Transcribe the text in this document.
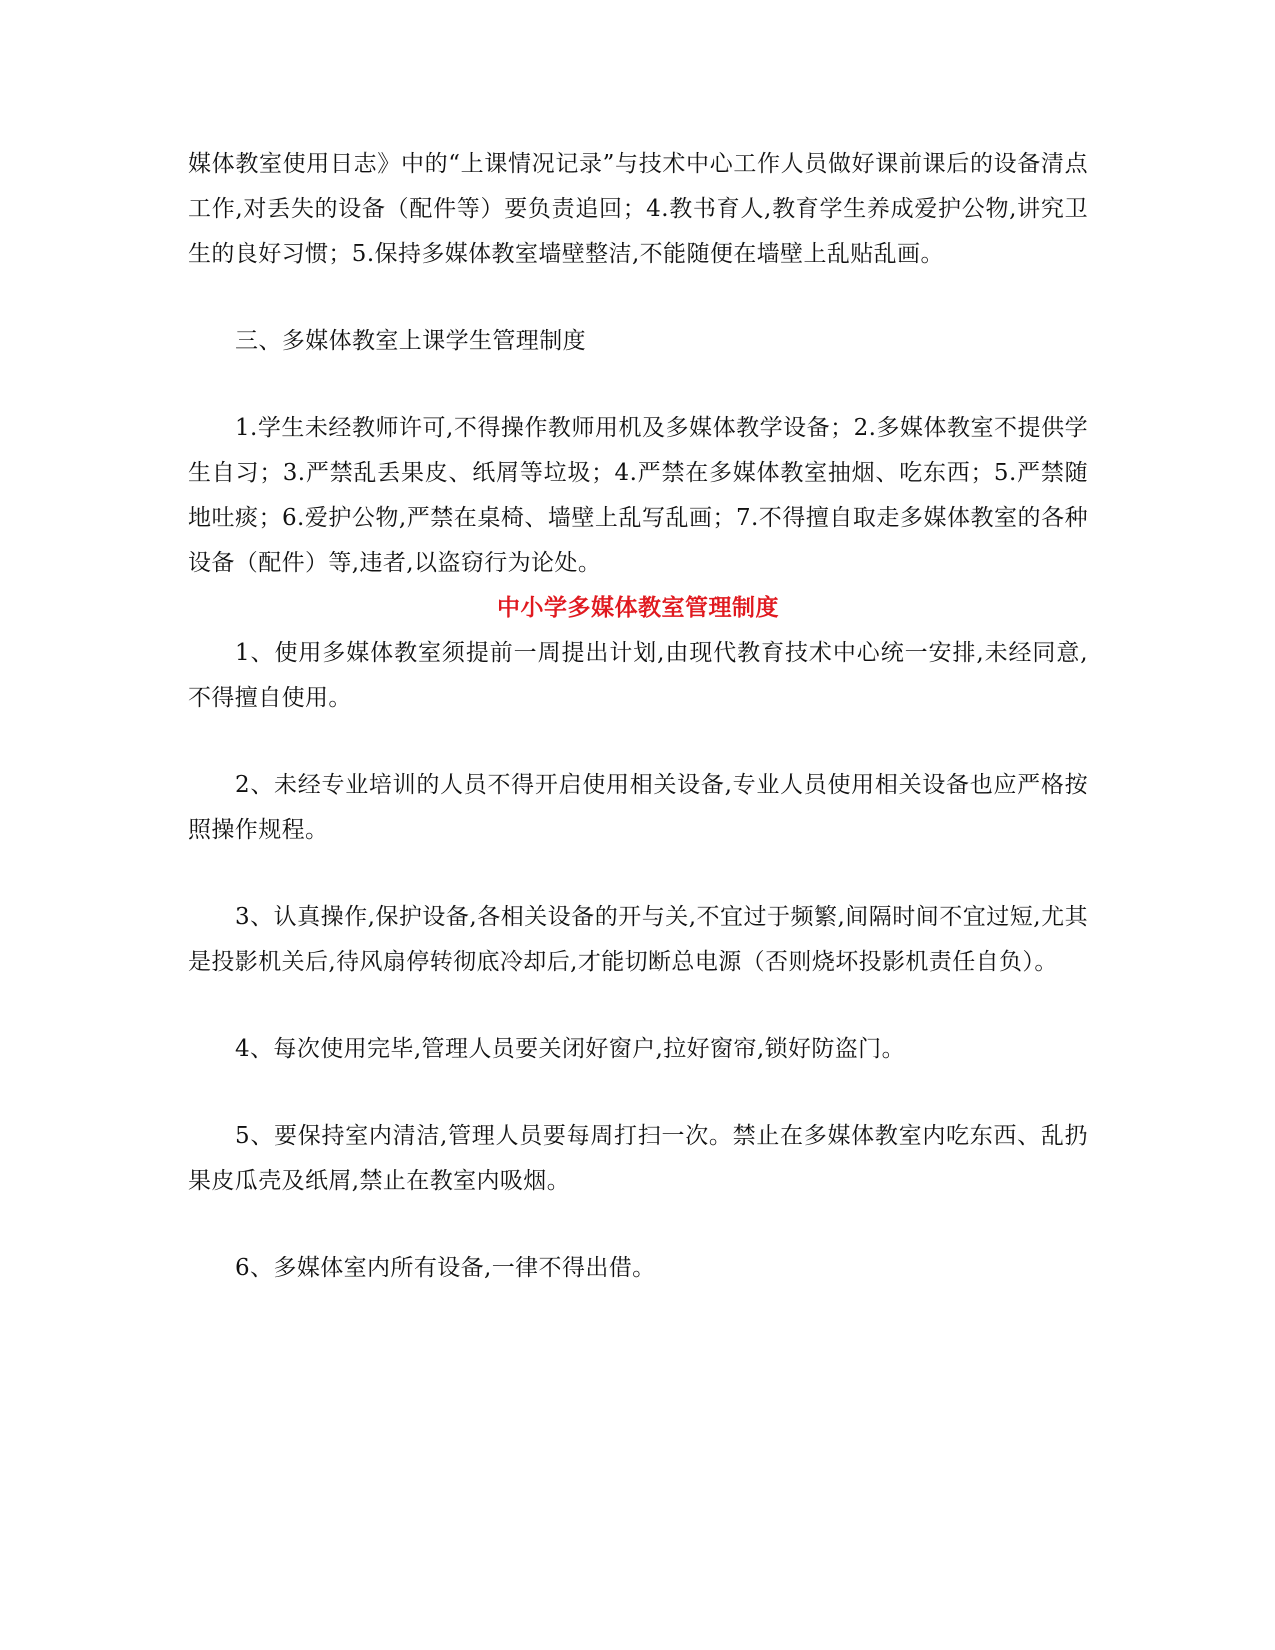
媒体教室使用日志》中的“上课情况记录”与技术中心工作人员做好课前课后的设备清点工作,对丢失的设备（配件等）要负责追回；4.教书育人,教育学生养成爱护公物,讲究卫生的良好习惯；5.保持多媒体教室墙壁整洁,不能随便在墙壁上乱贴乱画。

三、多媒体教室上课学生管理制度

1.学生未经教师许可,不得操作教师用机及多媒体教学设备；2.多媒体教室不提供学生自习；3.严禁乱丢果皮、纸屑等垃圾；4.严禁在多媒体教室抽烟、吃东西；5.严禁随地吐痰；6.爱护公物,严禁在桌椅、墙壁上乱写乱画；7.不得擅自取走多媒体教室的各种设备（配件）等,违者,以盗窃行为论处。

中小学多媒体教室管理制度

1、使用多媒体教室须提前一周提出计划,由现代教育技术中心统一安排,未经同意,不得擅自使用。

2、未经专业培训的人员不得开启使用相关设备,专业人员使用相关设备也应严格按照操作规程。

3、认真操作,保护设备,各相关设备的开与关,不宜过于频繁,间隔时间不宜过短,尤其是投影机关后,待风扇停转彻底冷却后,才能切断总电源（否则烧坏投影机责任自负）。

4、每次使用完毕,管理人员要关闭好窗户,拉好窗帘,锁好防盗门。

5、要保持室内清洁,管理人员要每周打扫一次。禁止在多媒体教室内吃东西、乱扔果皮瓜壳及纸屑,禁止在教室内吸烟。

6、多媒体室内所有设备,一律不得出借。
